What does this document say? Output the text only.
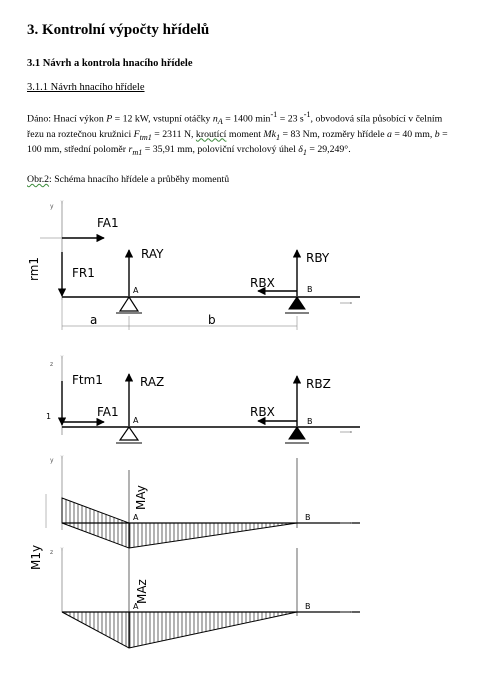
3. Kontrolní výpočty hřídelů
3.1 Návrh a kontrola hnacího hřídele
3.1.1 Návrh hnacího hřídele
Dáno: Hnací výkon P = 12 kW, vstupní otáčky $n_A = 1400$ $\min^{-1} = 23$ $s^{-1}$, obvodová síla působící v čelním řezu na roztečnou kružnici $F_{tm1} = 2311$ N, kroutící moment $Mk_1 = 83$ Nm, rozměry hřídele a = 40 mm, b = 100 mm, střední poloměr $r_{m1} = 35,91$ mm, poloviční vrcholový úhel $\delta_1 = 29,249^\circ$.
Obr.2: Schéma hnacího hřídele a průběhy momentů
y
FA1
FR1
rm1
RAY
A
RBX
RBY
B
a	b
z
Ftm1
1	FA1
RAZ
A
RBX
RBZ
B
y
MAy
A	B
M1y z
MAz
A	B
